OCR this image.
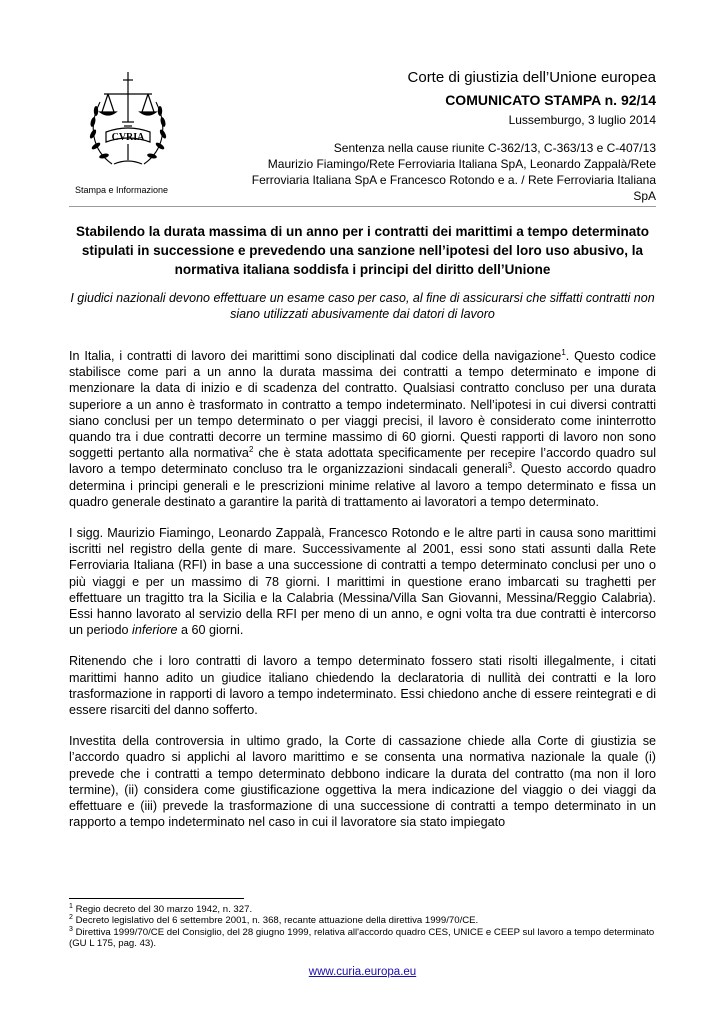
CVRIA
Stampa e Informazione
Corte di giustizia dell’Unione europea
COMUNICATO STAMPA n. 92/14
Lussemburgo, 3 luglio 2014
Sentenza nella cause riunite C-362/13, C-363/13 e C-407/13
Maurizio Fiamingo/Rete Ferroviaria Italiana SpA, Leonardo Zappalà/Rete
Ferroviaria Italiana SpA e Francesco Rotondo e a. / Rete Ferroviaria Italiana
SpA
Stabilendo la durata massima di un anno per i contratti dei marittimi a tempo determinato stipulati in successione e prevedendo una sanzione nell’ipotesi del loro uso abusivo, la normativa italiana soddisfa i principi del diritto dell’Unione
I giudici nazionali devono effettuare un esame caso per caso, al fine di assicurarsi che siffatti contratti non siano utilizzati abusivamente dai datori di lavoro

In Italia, i contratti di lavoro dei marittimi sono disciplinati dal codice della navigazione$^1$. Questo codice stabilisce come pari a un anno la durata massima dei contratti a tempo determinato e impone di menzionare la data di inizio e di scadenza del contratto. Qualsiasi contratto concluso per una durata superiore a un anno è trasformato in contratto a tempo indeterminato. Nell’ipotesi in cui diversi contratti siano conclusi per un tempo determinato o per viaggi precisi, il lavoro è considerato come ininterrotto quando tra i due contratti decorre un termine massimo di 60 giorni. Questi rapporti di lavoro non sono soggetti pertanto alla normativa$^2$ che è stata adottata specificamente per recepire l’accordo quadro sul lavoro a tempo determinato concluso tra le organizzazioni sindacali generali$^3$. Questo accordo quadro determina i principi generali e le prescrizioni minime relative al lavoro a tempo determinato e fissa un quadro generale destinato a garantire la parità di trattamento ai lavoratori a tempo determinato.

I sigg. Maurizio Fiamingo, Leonardo Zappalà, Francesco Rotondo e le altre parti in causa sono marittimi iscritti nel registro della gente di mare. Successivamente al 2001, essi sono stati assunti dalla Rete Ferroviaria Italiana (RFI) in base a una successione di contratti a tempo determinato conclusi per uno o più viaggi e per un massimo di 78 giorni. I marittimi in questione erano imbarcati su traghetti per effettuare un tragitto tra la Sicilia e la Calabria (Messina/Villa San Giovanni, Messina/Reggio Calabria). Essi hanno lavorato al servizio della RFI per meno di un anno, e ogni volta tra due contratti è intercorso un periodo inferiore a 60 giorni.

Ritenendo che i loro contratti di lavoro a tempo determinato fossero stati risolti illegalmente, i citati marittimi hanno adito un giudice italiano chiedendo la declaratoria di nullità dei contratti e la loro trasformazione in rapporti di lavoro a tempo indeterminato. Essi chiedono anche di essere reintegrati e di essere risarciti del danno sofferto.

Investita della controversia in ultimo grado, la Corte di cassazione chiede alla Corte di giustizia se l’accordo quadro si applichi al lavoro marittimo e se consenta una normativa nazionale la quale (i) prevede che i contratti a tempo determinato debbono indicare la durata del contratto (ma non il loro termine), (ii) considera come giustificazione oggettiva la mera indicazione del viaggio o dei viaggi da effettuare e (iii) prevede la trasformazione di una successione di contratti a tempo determinato in un rapporto a tempo indeterminato nel caso in cui il lavoratore sia stato impiegato

$^1$ Regio decreto del 30 marzo 1942, n. 327.
$^2$ Decreto legislativo del 6 settembre 2001, n. 368, recante attuazione della direttiva 1999/70/CE.
$^3$ Direttiva 1999/70/CE del Consiglio, del 28 giugno 1999, relativa all'accordo quadro CES, UNICE e CEEP sul lavoro a tempo determinato (GU L 175, pag. 43).
www.curia.europa.eu
